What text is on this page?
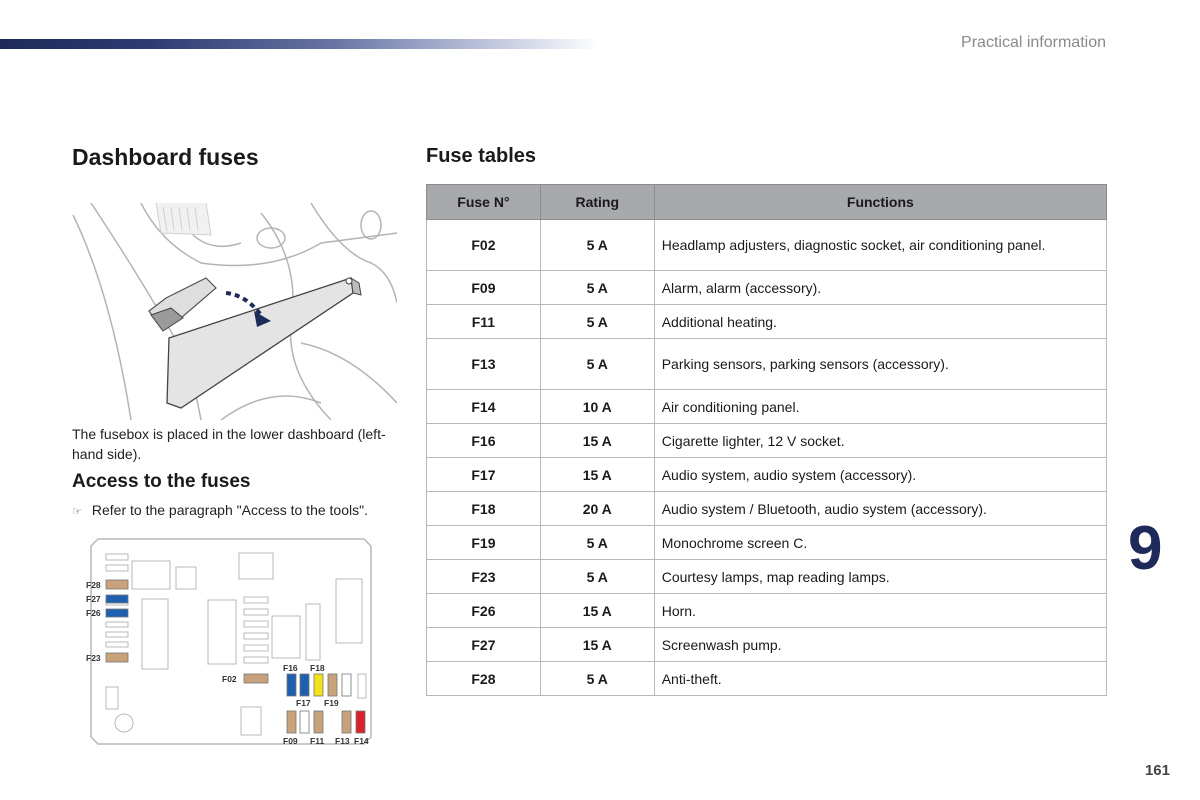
Practical information
Dashboard fuses

The fusebox is placed in the lower dashboard (left-hand side).

Access to the fuses
☞ Refer to the paragraph "Access to the tools".
F28
F27
F26
F23
F02
F16 F18
F17 F19
F09 F11 F13 F14
Fuse tables
Fuse N°	Rating	Functions
F02	5 A	Headlamp adjusters, diagnostic socket, air conditioning panel.
F09	5 A	Alarm, alarm (accessory).
F11	5 A	Additional heating.
F13	5 A	Parking sensors, parking sensors (accessory).
F14	10 A	Air conditioning panel.
F16	15 A	Cigarette lighter, 12 V socket.
F17	15 A	Audio system, audio system (accessory).
F18	20 A	Audio system / Bluetooth, audio system (accessory).
F19	5 A	Monochrome screen C.
F23	5 A	Courtesy lamps, map reading lamps.
F26	15 A	Horn.
F27	15 A	Screenwash pump.
F28	5 A	Anti-theft.
9
161
